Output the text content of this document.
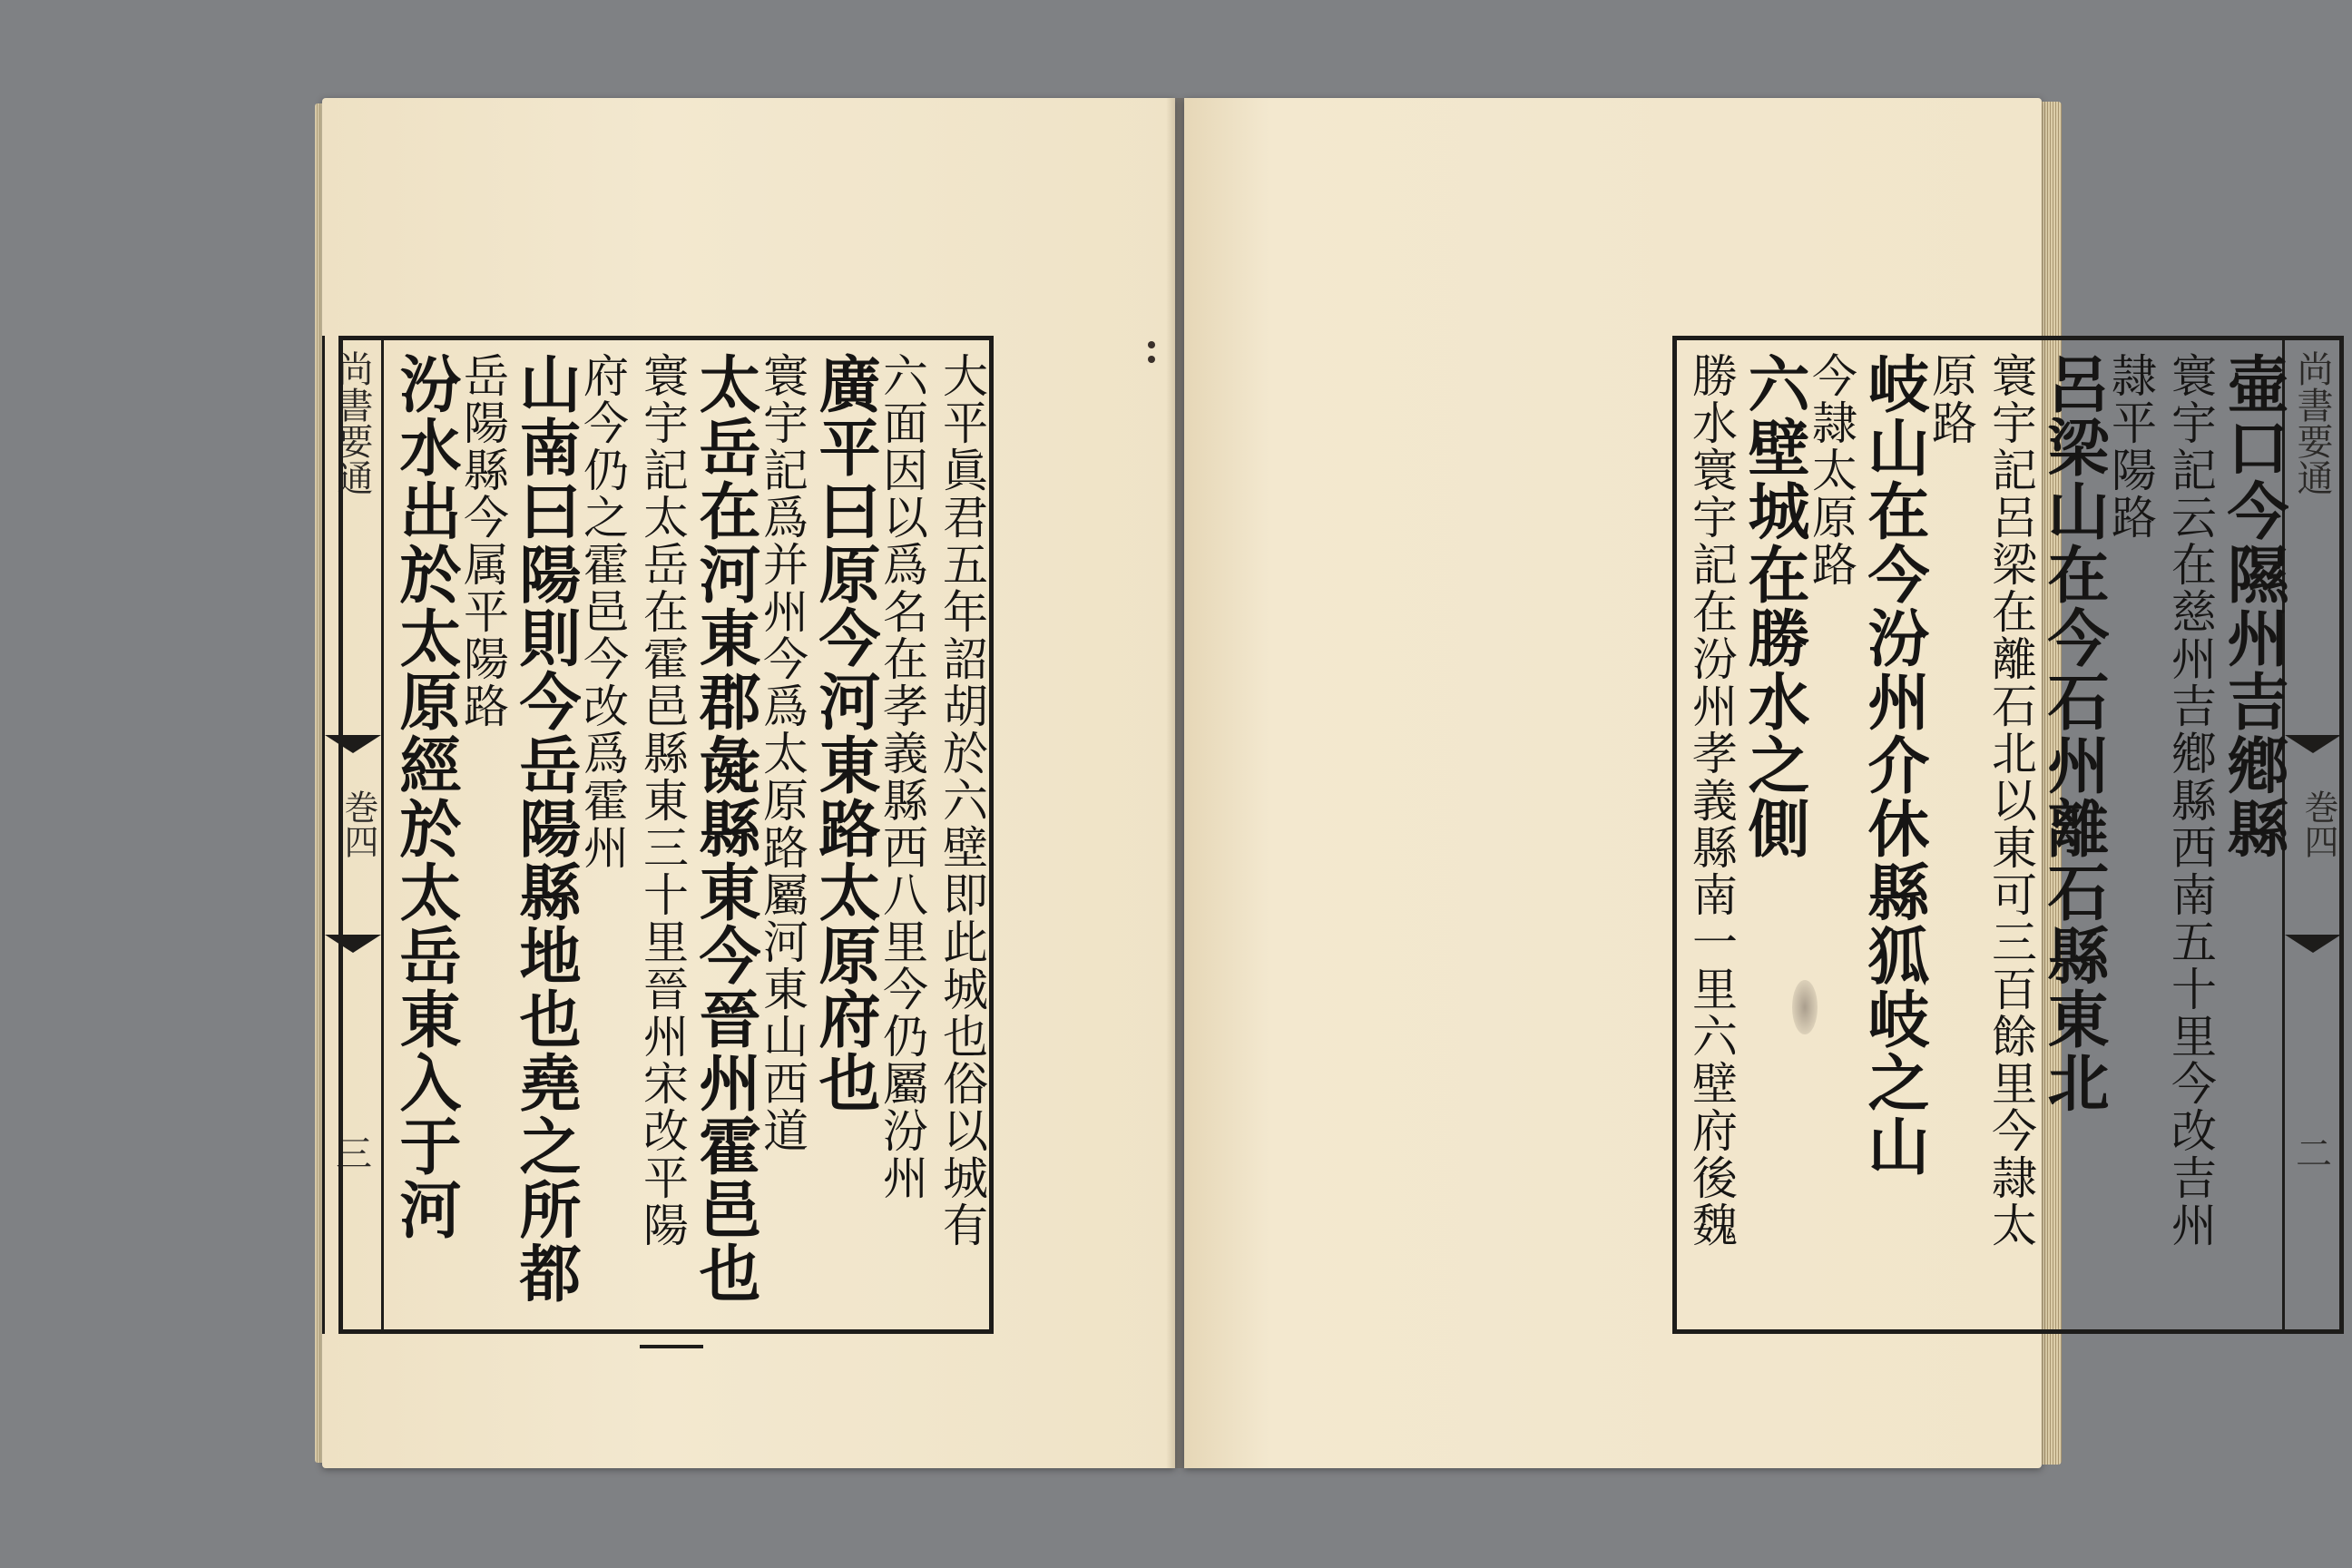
尚書要通
巻四
三	大平眞君五年詔胡於六壁即此城也俗以城有
六面因以爲名在孝義縣西八里今仍屬汾州
廣平曰原今河東路太原府也
寰宇記爲并州今爲太原路屬河東山西道
太岳在河東郡彘縣東今晉州霍邑也
寰宇記太岳在霍邑縣東三十里晉州宋改平陽
府今仍之霍邑今改爲霍州
山南曰陽則今岳陽縣地也堯之所都
岳陽縣今属平陽路
汾水出於太原經於太岳東入于河	尚書要通
巻四
二
壷口今隰州吉鄕縣
寰宇記云在慈州吉鄕縣西南五十里今改吉州
隷平陽路
呂梁山在今石州離石縣東北
寰宇記呂梁在離石北以東可三百餘里今隷太
原路
岐山在今汾州介休縣狐岐之山
今隷太原路
六壁城在勝水之側
勝水寰宇記在汾州孝義縣南一里六壁府後魏
